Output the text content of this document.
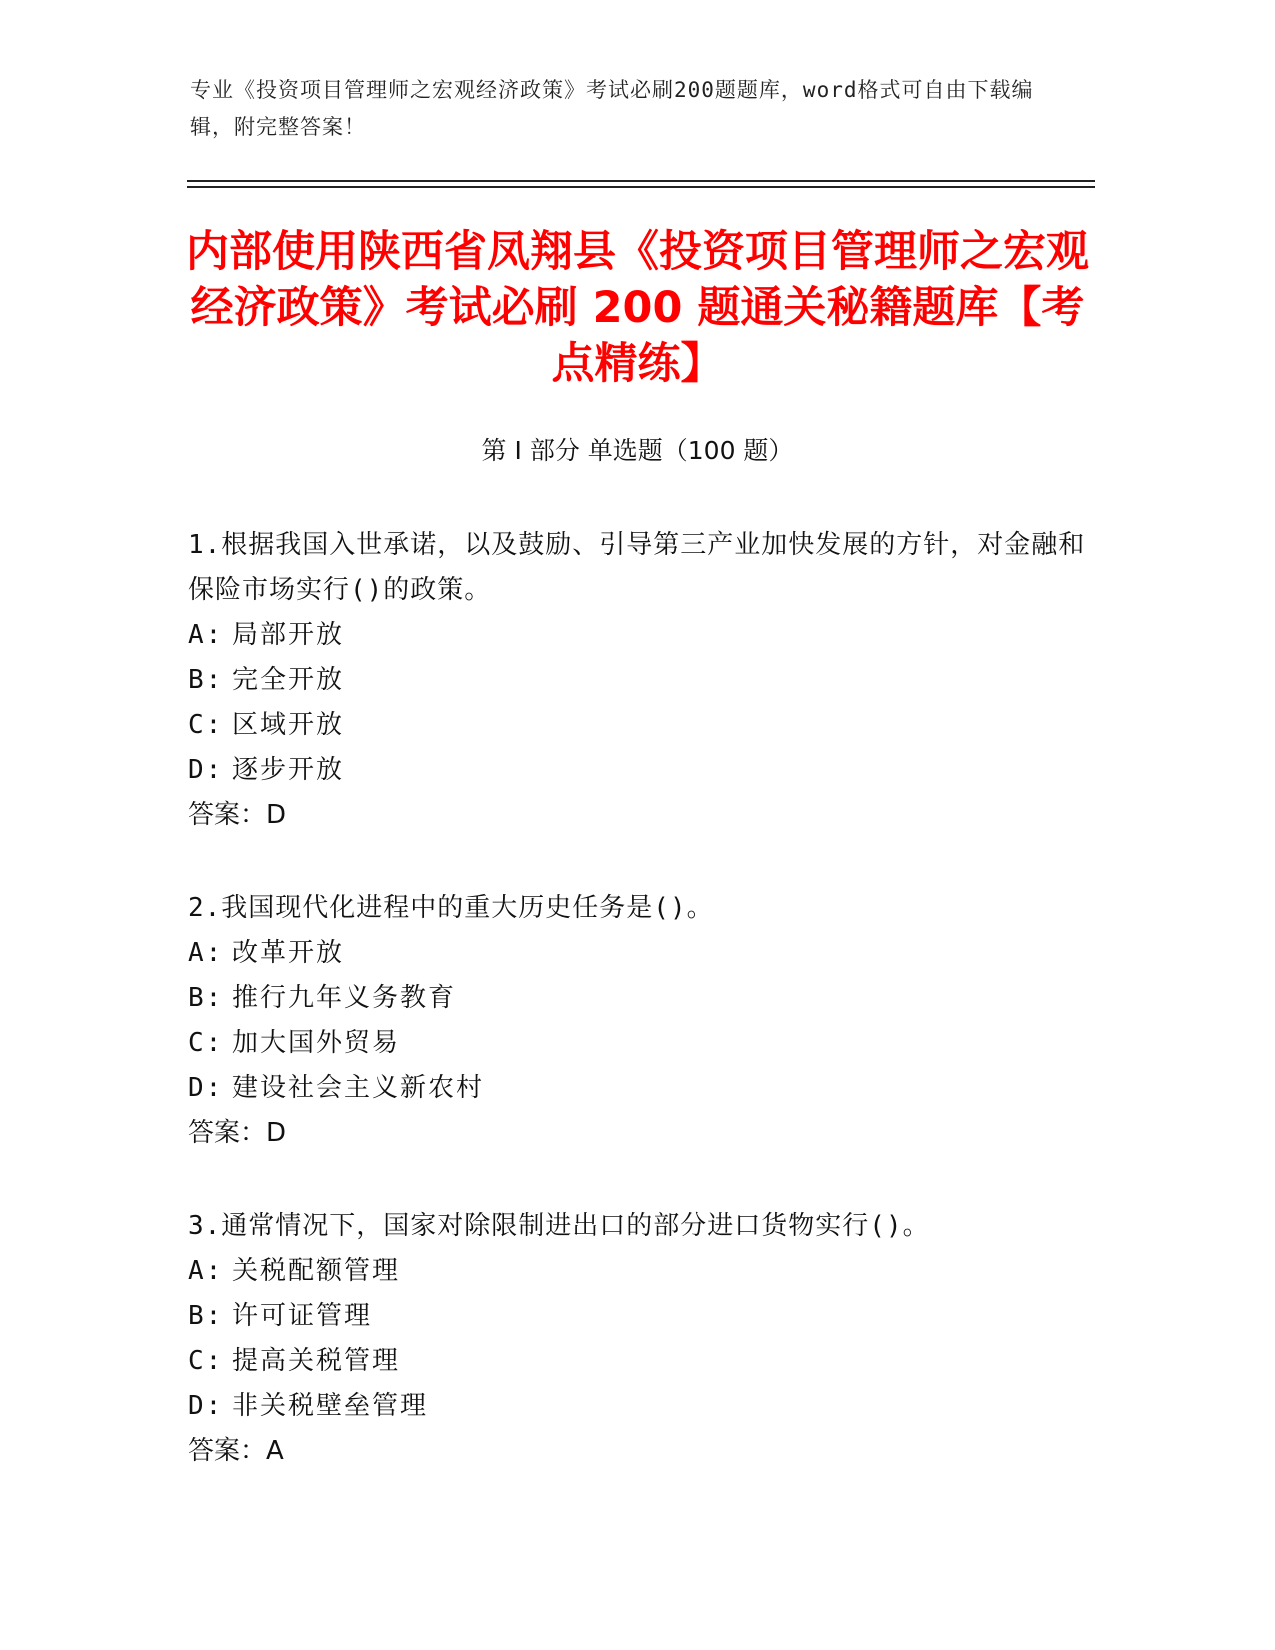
专业《投资项目管理师之宏观经济政策》考试必刷200题题库，word格式可自由下载编辑，附完整答案！
内部使用陕西省凤翔县《投资项目管理师之宏观经济政策》考试必刷 200 题通关秘籍题库【考点精练】
第 I 部分 单选题（100 题）

1.根据我国入世承诺，以及鼓励、引导第三产业加快发展的方针，对金融和保险市场实行()的政策。

A: 局部开放

B: 完全开放

C: 区域开放

D: 逐步开放

答案：D

2.我国现代化进程中的重大历史任务是()。

A: 改革开放

B: 推行九年义务教育

C: 加大国外贸易

D: 建设社会主义新农村

答案：D

3.通常情况下，国家对除限制进出口的部分进口货物实行()。

A: 关税配额管理

B: 许可证管理

C: 提高关税管理

D: 非关税壁垒管理

答案：A
